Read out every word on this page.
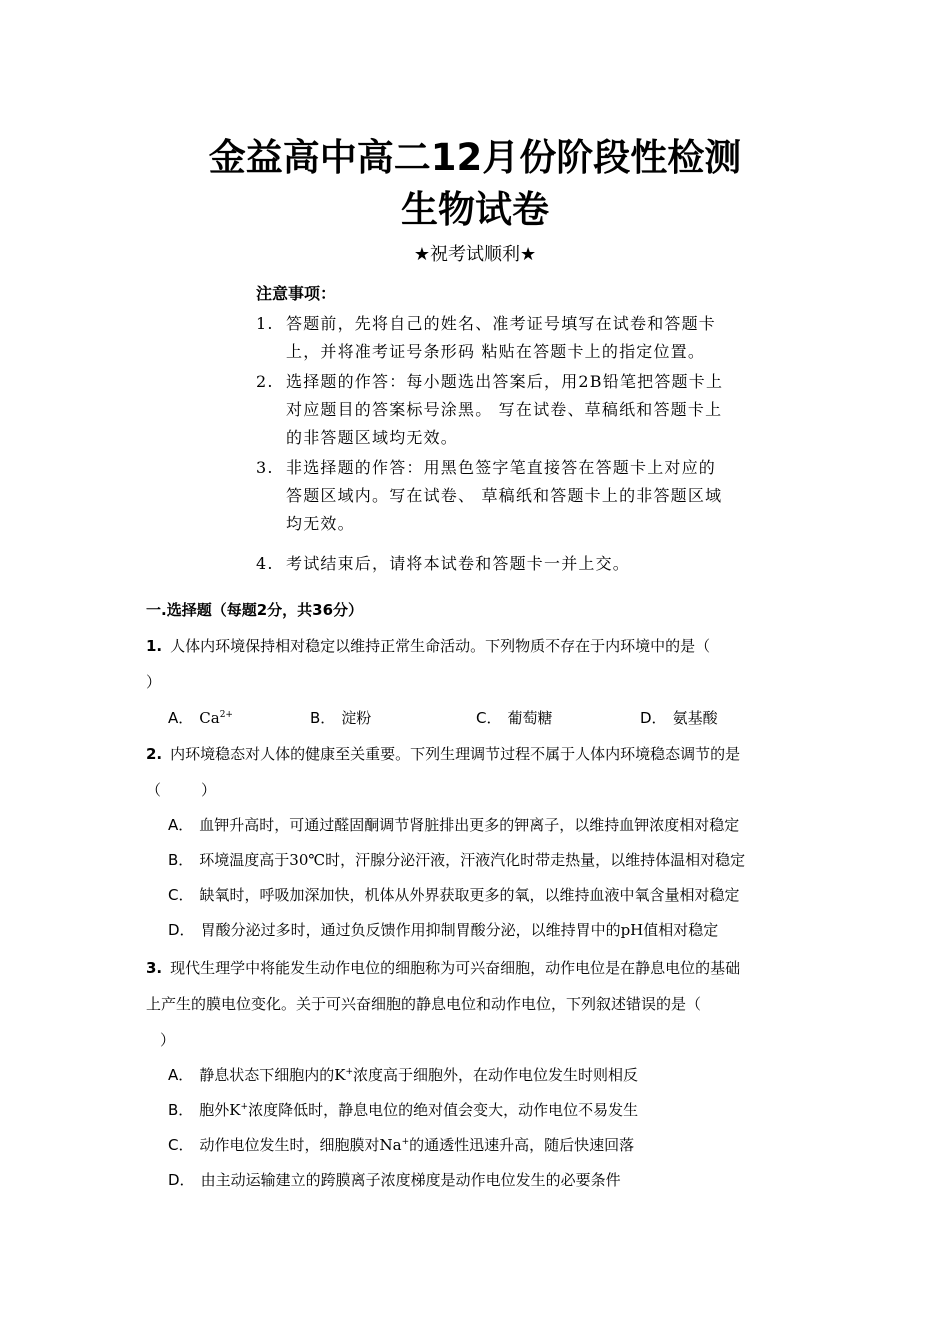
金益高中高二12月份阶段性检测
生物试卷
★祝考试顺利★
注意事项：
1. 答题前，先将自己的姓名、准考证号填写在试卷和答题卡上，并将准考证号条形码 粘贴在答题卡上的指定位置。
2. 选择题的作答：每小题选出答案后，用2B铅笔把答题卡上对应题目的答案标号涂黑。 写在试卷、草稿纸和答题卡上的非答题区域均无效。
3. 非选择题的作答：用黑色签字笔直接答在答题卡上对应的答题区域内。写在试卷、 草稿纸和答题卡上的非答题区域均无效。
4. 考试结束后，请将本试卷和答题卡一并上交。
一.选择题（每题2分，共36分）
1. 人体内环境保持相对稳定以维持正常生命活动。下列物质不存在于内环境中的是（
）
A． $Ca^{2+}$	B． 淀粉	C． 葡萄糖	D． 氨基酸
2. 内环境稳态对人体的健康至关重要。下列生理调节过程不属于人体内环境稳态调节的是
（	）
A． 血钾升高时，可通过醛固酮调节肾脏排出更多的钾离子，以维持血钾浓度相对稳定
B． 环境温度高于30℃时，汗腺分泌汗液，汗液汽化时带走热量，以维持体温相对稳定
C． 缺氧时，呼吸加深加快，机体从外界获取更多的氧，以维持血液中氧含量相对稳定
D． 胃酸分泌过多时，通过负反馈作用抑制胃酸分泌，以维持胃中的pH值相对稳定
3. 现代生理学中将能发生动作电位的细胞称为可兴奋细胞，动作电位是在静息电位的基础
上产生的膜电位变化。关于可兴奋细胞的静息电位和动作电位，下列叙述错误的是（
）
A． 静息状态下细胞内的K+浓度高于细胞外，在动作电位发生时则相反
B． 胞外K+浓度降低时，静息电位的绝对值会变大，动作电位不易发生
C． 动作电位发生时，细胞膜对Na+的通透性迅速升高，随后快速回落
D． 由主动运输建立的跨膜离子浓度梯度是动作电位发生的必要条件
